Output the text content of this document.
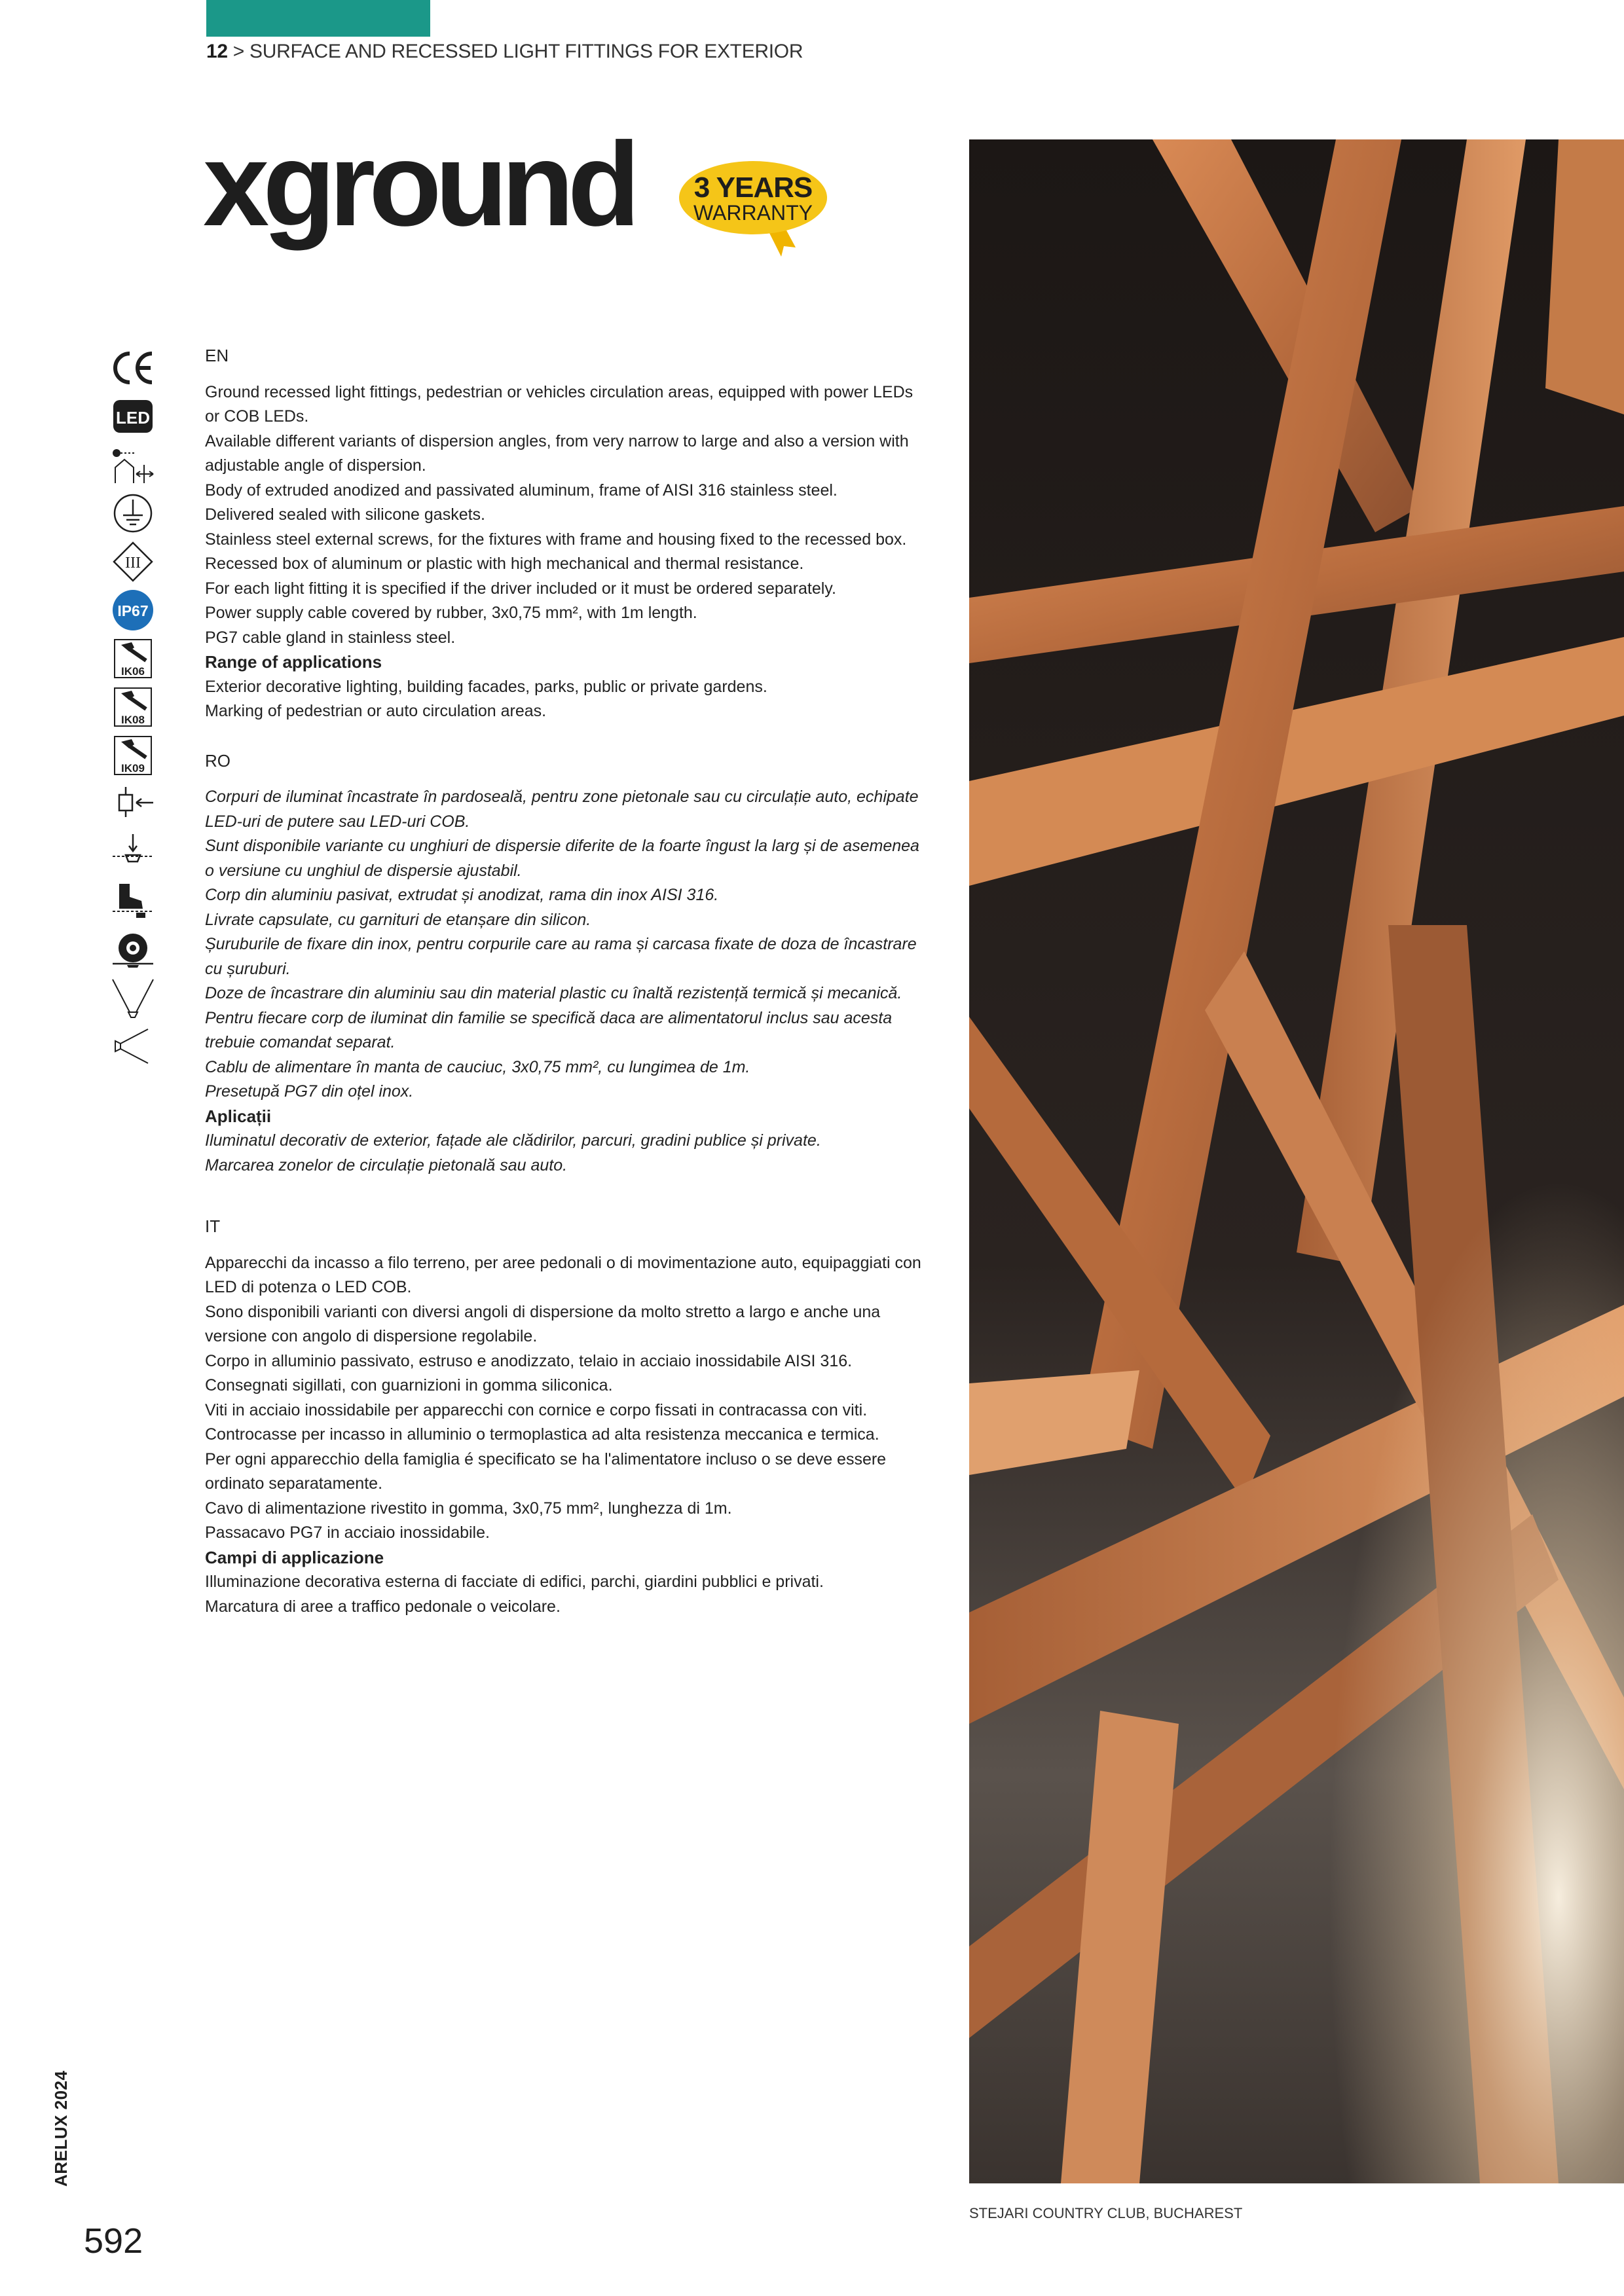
12 > SURFACE AND RECESSED LIGHT FITTINGS FOR EXTERIOR
xground	3 YEARS
WARRANTY
LED
III
IP67
IK06
IK08
IK09

EN

Ground recessed light fittings, pedestrian or vehicles circulation areas, equipped with power LEDs or COB LEDs.

Available different variants of dispersion angles, from very narrow to large and also a version with adjustable angle of dispersion.

Body of extruded anodized and passivated aluminum, frame of AISI 316 stainless steel.

Delivered sealed with silicone gaskets.

Stainless steel external screws, for the fixtures with frame and housing fixed to the recessed box.

Recessed box of aluminum or plastic with high mechanical and thermal resistance.

For each light fitting it is specified if the driver included or it must be ordered separately.

Power supply cable covered by rubber, 3x0,75 mm², with 1m length.

PG7 cable gland in stainless steel.

Range of applications

Exterior decorative lighting, building facades, parks, public or private gardens.

Marking of pedestrian or auto circulation areas.

RO

Corpuri de iluminat încastrate în pardoseală, pentru zone pietonale sau cu circulație auto, echipate LED-uri de putere sau LED-uri COB.

Sunt disponibile variante cu unghiuri de dispersie diferite de la foarte îngust la larg și de asemenea o versiune cu unghiul de dispersie ajustabil.

Corp din aluminiu pasivat, extrudat și anodizat, rama din inox AISI 316.

Livrate capsulate, cu garnituri de etanșare din silicon.

Șuruburile de fixare din inox, pentru corpurile care au rama și carcasa fixate de doza de încastrare cu șuruburi.

Doze de încastrare din aluminiu sau din material plastic cu înaltă rezistență termică și mecanică.

Pentru fiecare corp de iluminat din familie se specifică daca are alimentatorul inclus sau acesta trebuie comandat separat.

Cablu de alimentare în manta de cauciuc, 3x0,75 mm², cu lungimea de 1m.

Presetupă PG7 din oțel inox.

Aplicații

Iluminatul decorativ de exterior, fațade ale clădirilor, parcuri, gradini publice și private.

Marcarea zonelor de circulație pietonală sau auto.

IT

Apparecchi da incasso a filo terreno, per aree pedonali o di movimentazione auto, equipaggiati con LED di potenza o LED COB.

Sono disponibili varianti con diversi angoli di dispersione da molto stretto a largo e anche una versione con angolo di dispersione regolabile.

Corpo in alluminio passivato, estruso e anodizzato, telaio in acciaio inossidabile AISI 316.

Consegnati sigillati, con guarnizioni in gomma siliconica.

Viti in acciaio inossidabile per apparecchi con cornice e corpo fissati in contracassa con viti.

Controcasse per incasso in alluminio o termoplastica ad alta resistenza meccanica e termica.

Per ogni apparecchio della famiglia é specificato se ha l'alimentatore incluso o se deve essere ordinato separatamente.

Cavo di alimentazione rivestito in gomma, 3x0,75 mm², lunghezza di 1m.

Passacavo PG7 in acciaio inossidabile.

Campi di applicazione

Illuminazione decorativa esterna di facciate di edifici, parchi, giardini pubblici e privati.

Marcatura di aree a traffico pedonale o veicolare.

STEJARI COUNTRY CLUB, BUCHAREST
ARELUX 2024
592
